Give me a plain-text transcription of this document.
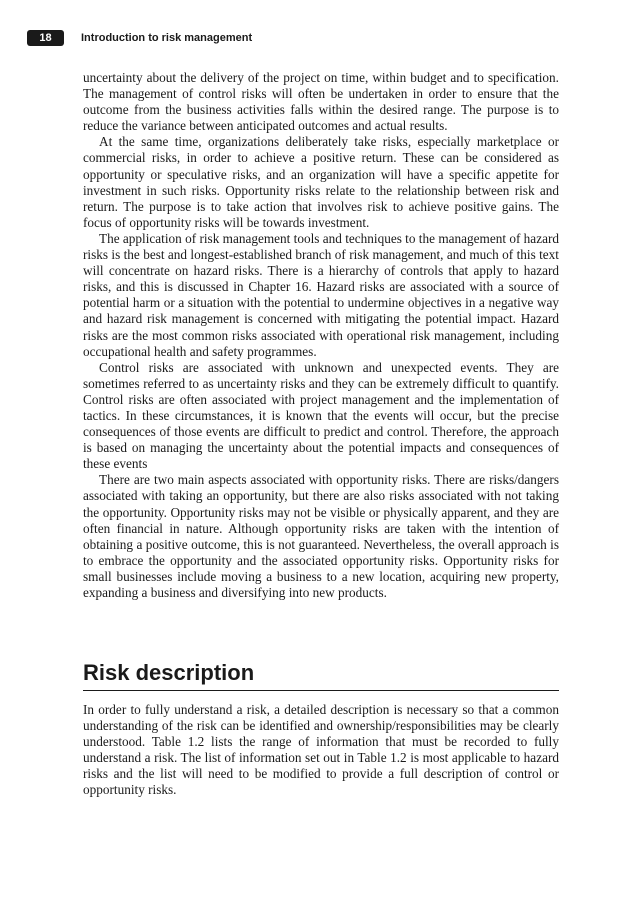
18	Introduction to risk management

uncertainty about the delivery of the project on time, within budget and to specification. The management of control risks will often be undertaken in order to ensure that the outcome from the business activities falls within the desired range. The purpose is to reduce the variance between anticipated outcomes and actual results.

At the same time, organizations deliberately take risks, especially marketplace or commercial risks, in order to achieve a positive return. These can be considered as opportunity or speculative risks, and an organization will have a specific appetite for investment in such risks. Opportunity risks relate to the relationship between risk and return. The purpose is to take action that involves risk to achieve positive gains. The focus of opportunity risks will be towards investment.

The application of risk management tools and techniques to the management of hazard risks is the best and longest-established branch of risk management, and much of this text will concentrate on hazard risks. There is a hierarchy of controls that apply to hazard risks, and this is discussed in Chapter 16. Hazard risks are associated with a source of potential harm or a situation with the potential to undermine objectives in a negative way and hazard risk management is concerned with mitigating the potential impact. Hazard risks are the most common risks associated with operational risk management, including occupational health and safety programmes.

Control risks are associated with unknown and unexpected events. They are sometimes referred to as uncertainty risks and they can be extremely difficult to quantify. Control risks are often associated with project management and the implementation of tactics. In these circumstances, it is known that the events will occur, but the precise consequences of those events are difficult to predict and control. Therefore, the approach is based on managing the uncertainty about the potential impacts and consequences of these events

There are two main aspects associated with opportunity risks. There are risks/​dangers associated with taking an opportunity, but there are also risks associated with not taking the opportunity. Opportunity risks may not be visible or physically apparent, and they are often financial in nature. Although opportunity risks are taken with the intention of obtaining a positive outcome, this is not guaranteed. Nevertheless, the overall approach is to embrace the opportunity and the associated opportunity risks. Opportunity risks for small businesses include moving a business to a new location, acquiring new property, expanding a business and diversifying into new products.

Risk description

In order to fully understand a risk, a detailed description is necessary so that a common understanding of the risk can be identified and ownership/​responsibilities may be clearly understood. Table 1.2 lists the range of information that must be recorded to fully understand a risk. The list of information set out in Table 1.2 is most applicable to hazard risks and the list will need to be modified to provide a full description of control or opportunity risks.
